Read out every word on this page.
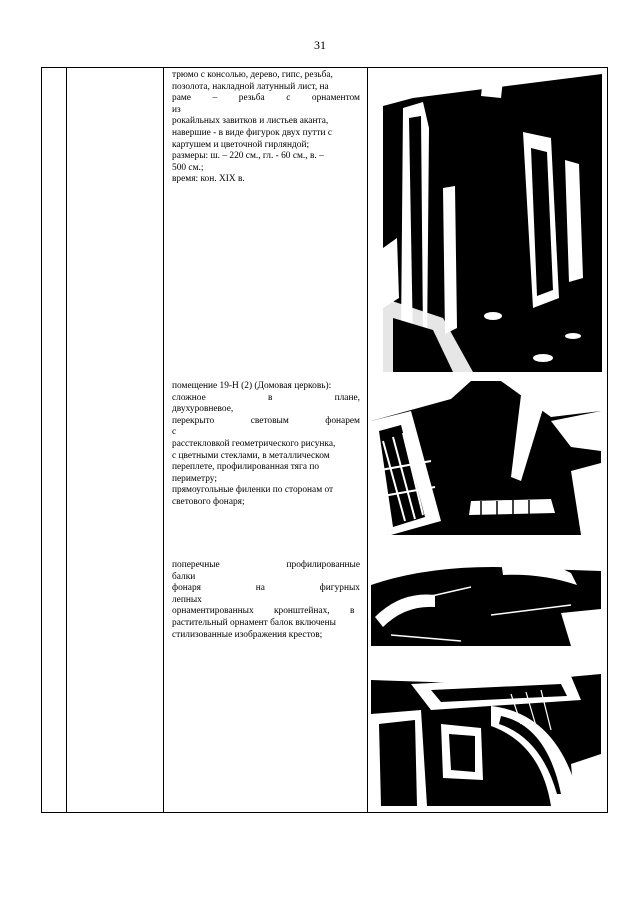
31

трюмо с консолью, дерево, гипс, резьба,

позолота, накладной латунный лист, на

раме – резьба с орнаментом из

рокайльных завитков и листьев аканта,

навершие - в виде фигурок двух путти с

картушем и цветочной гирляндой;

размеры: ш. – 220 см., гл. - 60 см., в. –

500 см.;

время: кон. XIX в.

помещение 19-Н (2) (Домовая церковь):

сложное в плане, двухуровневое,

перекрыто световым фонарем с

расстекловкой геометрического рисунка,

с цветными стеклами, в металлическом

переплете, профилированная тяга по

периметру;

прямоугольные филенки по сторонам от

светового фонаря;

поперечные профилированные балки

фонаря на фигурных лепных

орнаментированных кронштейнах, в

растительный орнамент балок включены

стилизованные изображения крестов;
